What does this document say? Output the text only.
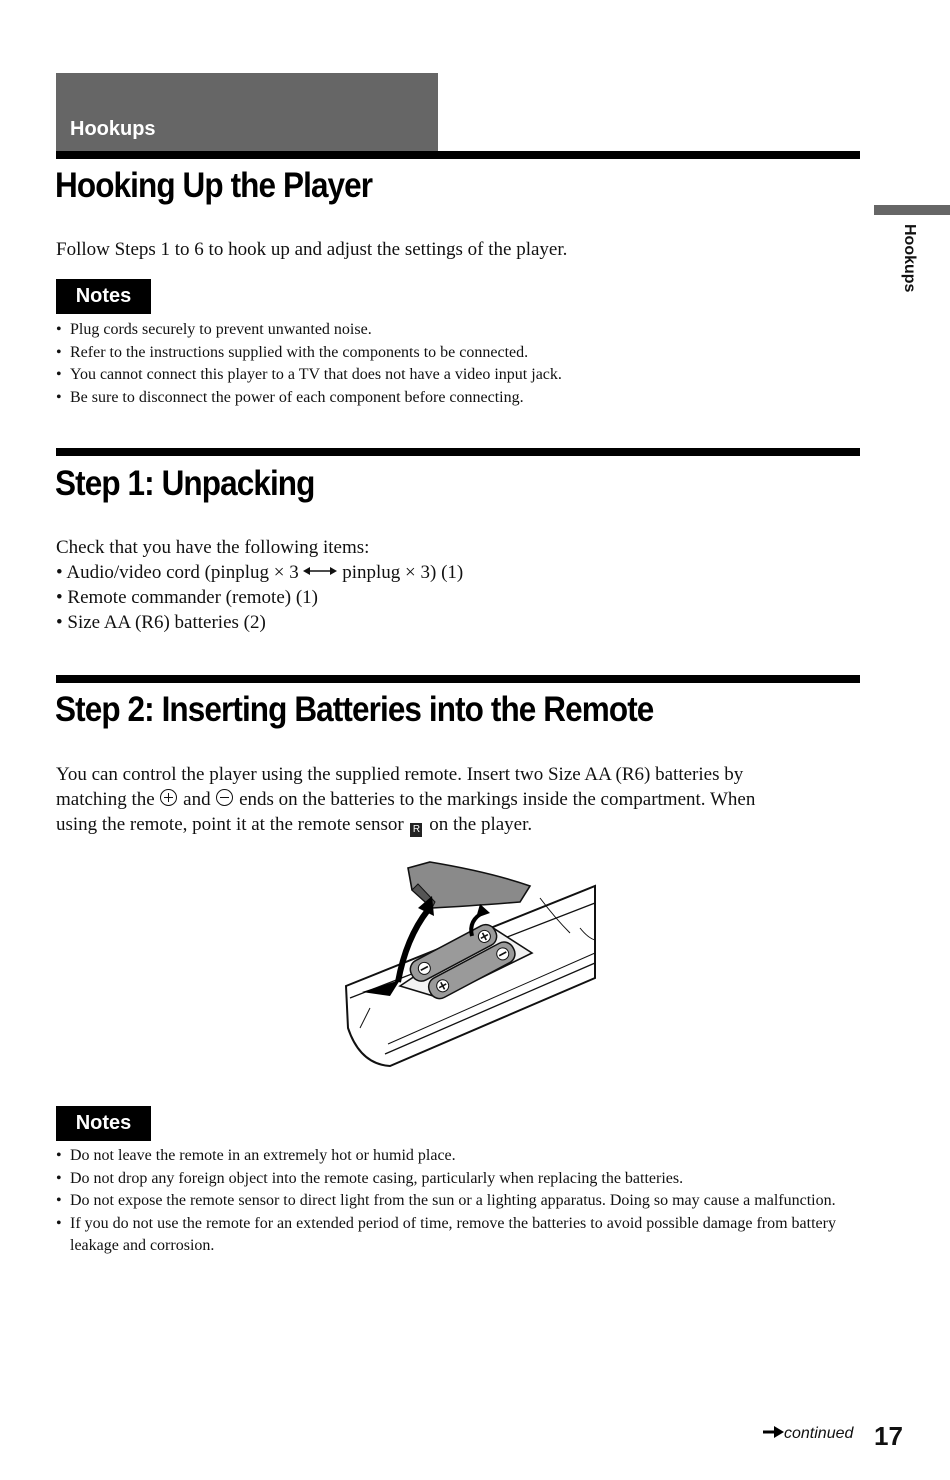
Hookups
Hookups
Hooking Up the Player
Follow Steps 1 to 6 to hook up and adjust the settings of the player.
Notes
• Plug cords securely to prevent unwanted noise.
• Refer to the instructions supplied with the components to be connected.
• You cannot connect this player to a TV that does not have a video input jack.
• Be sure to disconnect the power of each component before connecting.
Step 1: Unpacking
Check that you have the following items:
• Audio/video cord (pinplug × 3 pinplug × 3) (1)
• Remote commander (remote) (1)
• Size AA (R6) batteries (2)
Step 2: Inserting Batteries into the Remote
You can control the player using the supplied remote. Insert two Size AA (R6) batteries by
matching the and ends on the batteries to the markings inside the compartment. When
using the remote, point it at the remote sensor R on the player.
Notes
• Do not leave the remote in an extremely hot or humid place.
• Do not drop any foreign object into the remote casing, particularly when replacing the batteries.
• Do not expose the remote sensor to direct light from the sun or a lighting apparatus. Doing so may cause a malfunction.
• If you do not use the remote for an extended period of time, remove the batteries to avoid possible damage from battery leakage and corrosion.
continued 17
